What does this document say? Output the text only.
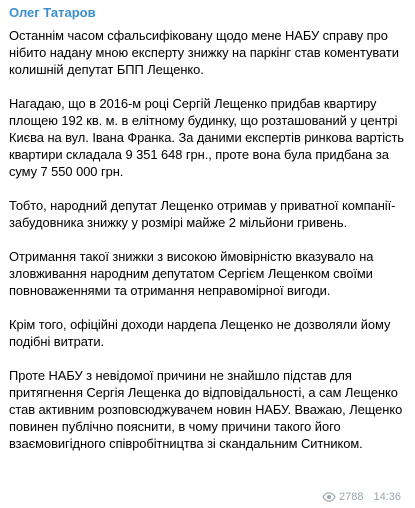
Олег Татаров
Останнім часом сфальсифіковану щодо мене НАБУ справу про нібито надану мною експерту знижку на паркінг став коментувати колишній депутат БПП Лещенко.
Нагадаю, що в 2016-м році Сергій Лещенко придбав квартиру площею 192 кв. м. в елітному будинку, що розташований у центрі Києва на вул. Івана Франка. За даними експертів ринкова вартість квартири складала 9 351 648 грн., проте вона була придбана за суму 7 550 000 грн.
Тобто, народний депутат Лещенко отримав у приватної компанії-забудовника знижку у розмірі майже 2 мільйони гривень.
Отримання такої знижки з високою ймовірністю вказувало на зловживання народним депутатом Сергієм Лещенком своїми повноваженнями та отримання неправомірної вигоди.
Крім того, офіційні доходи нардепа Лещенко не дозволяли йому подібні витрати.
Проте НАБУ з невідомої причини не знайшло підстав для притягнення Сергія Лещенка до відповідальності, а сам Лещенко став активним розповсюджувачем новин НАБУ. Вважаю, Лещенко повинен публічно пояснити, в чому причини такого його взаємовигідного співробітництва зі скандальним Ситником.
2788 14:36
